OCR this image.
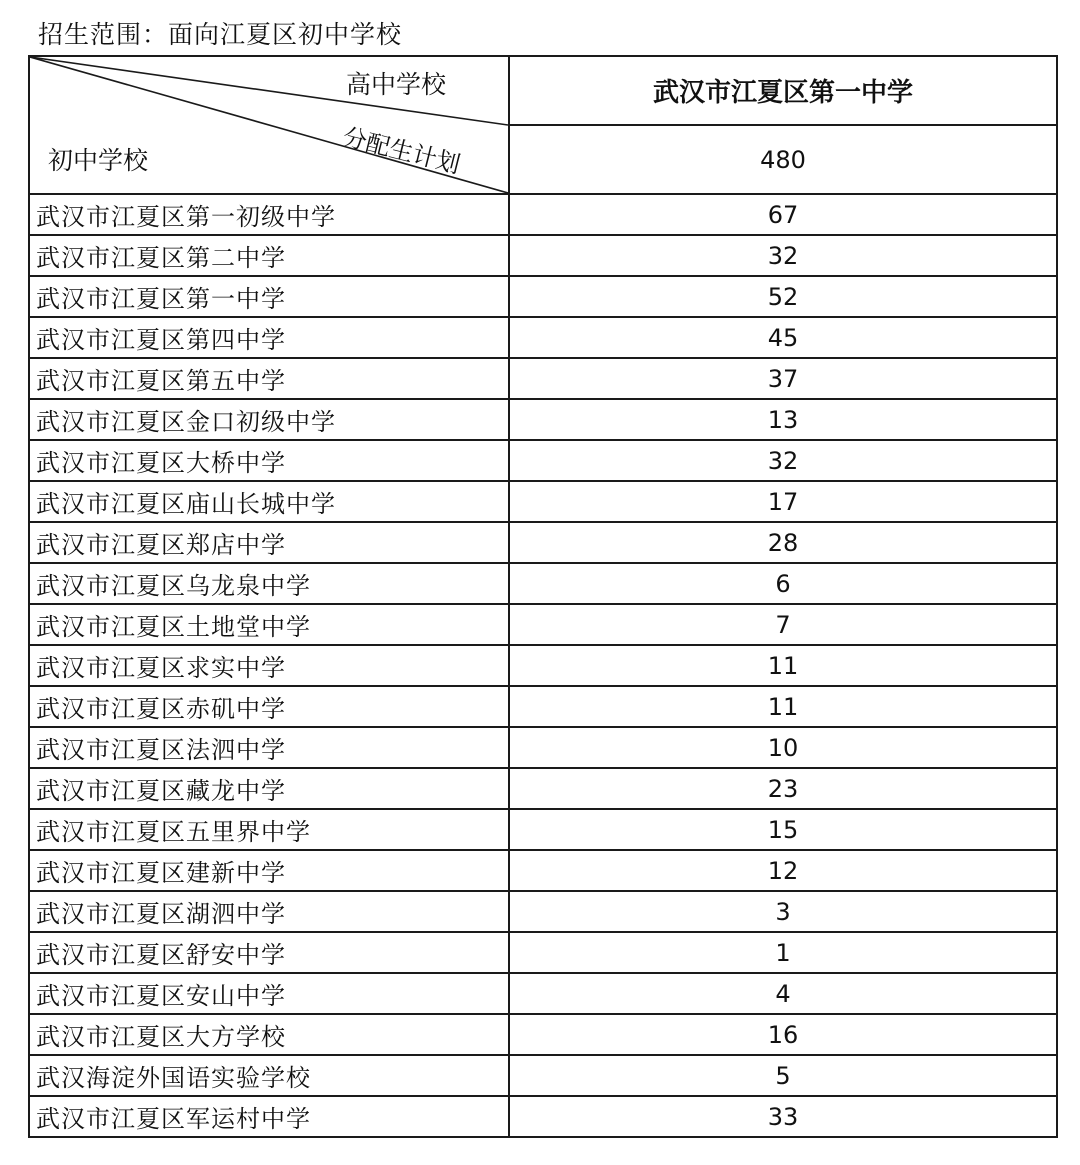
招生范围：面向江夏区初中学校
高中学校
分配生计划
初中学校	武汉市江夏区第一中学
	480
武汉市江夏区第一初级中学	67
武汉市江夏区第二中学	32
武汉市江夏区第一中学	52
武汉市江夏区第四中学	45
武汉市江夏区第五中学	37
武汉市江夏区金口初级中学	13
武汉市江夏区大桥中学	32
武汉市江夏区庙山长城中学	17
武汉市江夏区郑店中学	28
武汉市江夏区乌龙泉中学	6
武汉市江夏区土地堂中学	7
武汉市江夏区求实中学	11
武汉市江夏区赤矶中学	11
武汉市江夏区法泗中学	10
武汉市江夏区藏龙中学	23
武汉市江夏区五里界中学	15
武汉市江夏区建新中学	12
武汉市江夏区湖泗中学	3
武汉市江夏区舒安中学	1
武汉市江夏区安山中学	4
武汉市江夏区大方学校	16
武汉海淀外国语实验学校	5
武汉市江夏区军运村中学	33
